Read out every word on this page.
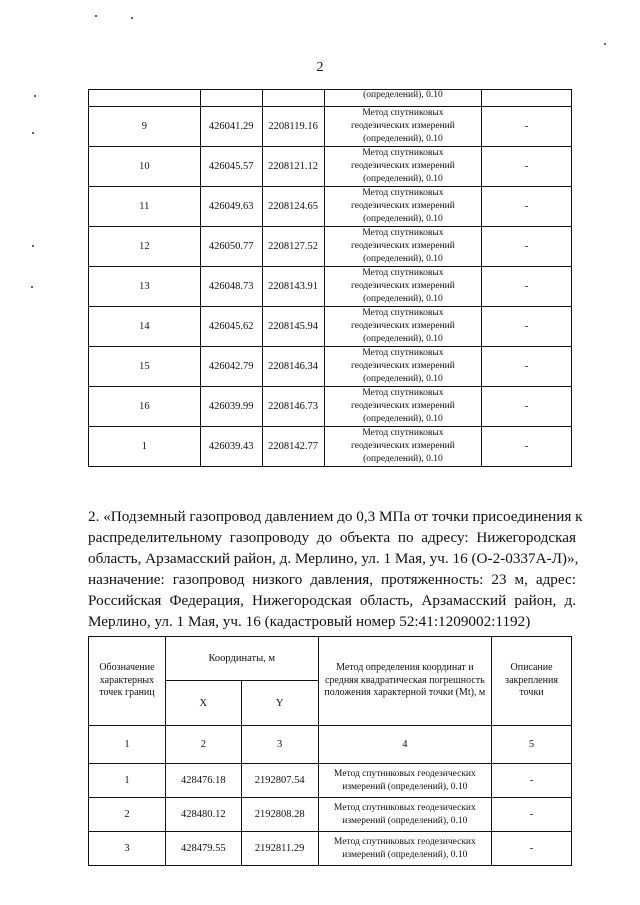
2
			(определений), 0.10	
9	426041.29	2208119.16	Метод спутниковых
геодезических измерений
(определений), 0.10	-
10	426045.57	2208121.12	Метод спутниковых
геодезических измерений
(определений), 0.10	-
11	426049.63	2208124.65	Метод спутниковых
геодезических измерений
(определений), 0.10	-
12	426050.77	2208127.52	Метод спутниковых
геодезических измерений
(определений), 0.10	-
13	426048.73	2208143.91	Метод спутниковых
геодезических измерений
(определений), 0.10	-
14	426045.62	2208145.94	Метод спутниковых
геодезических измерений
(определений), 0.10	-
15	426042.79	2208146.34	Метод спутниковых
геодезических измерений
(определений), 0.10	-
16	426039.99	2208146.73	Метод спутниковых
геодезических измерений
(определений), 0.10	-
1	426039.43	2208142.77	Метод спутниковых
геодезических измерений
(определений), 0.10	-
2. «Подземный газопровод давлением до 0,3 МПа от точки присоединения к
распределительному газопроводу до объекта по адресу: Нижегородская
область, Арзамасский район, д. Мерлино, ул. 1 Мая, уч. 16 (О-2-0337А-Л)»,
назначение: газопровод низкого давления, протяженность: 23 м, адрес:
Российская Федерация, Нижегородская область, Арзамасский район, д.
Мерлино, ул. 1 Мая, уч. 16 (кадастровый номер 52:41:1209002:1192)
Обозначение
характерных
точек границ	Координаты, м		Метод определения координат и
средняя квадратическая погрешность
положения характерной точки (Mt), м	Описание
закрепления
точки
	X	Y		
1	2	3	4	5
1	428476.18	2192807.54	Метод спутниковых геодезических
измерений (определений), 0.10	-
2	428480.12	2192808.28	Метод спутниковых геодезических
измерений (определений), 0.10	-
3	428479.55	2192811.29	Метод спутниковых геодезических
измерений (определений), 0.10	-
